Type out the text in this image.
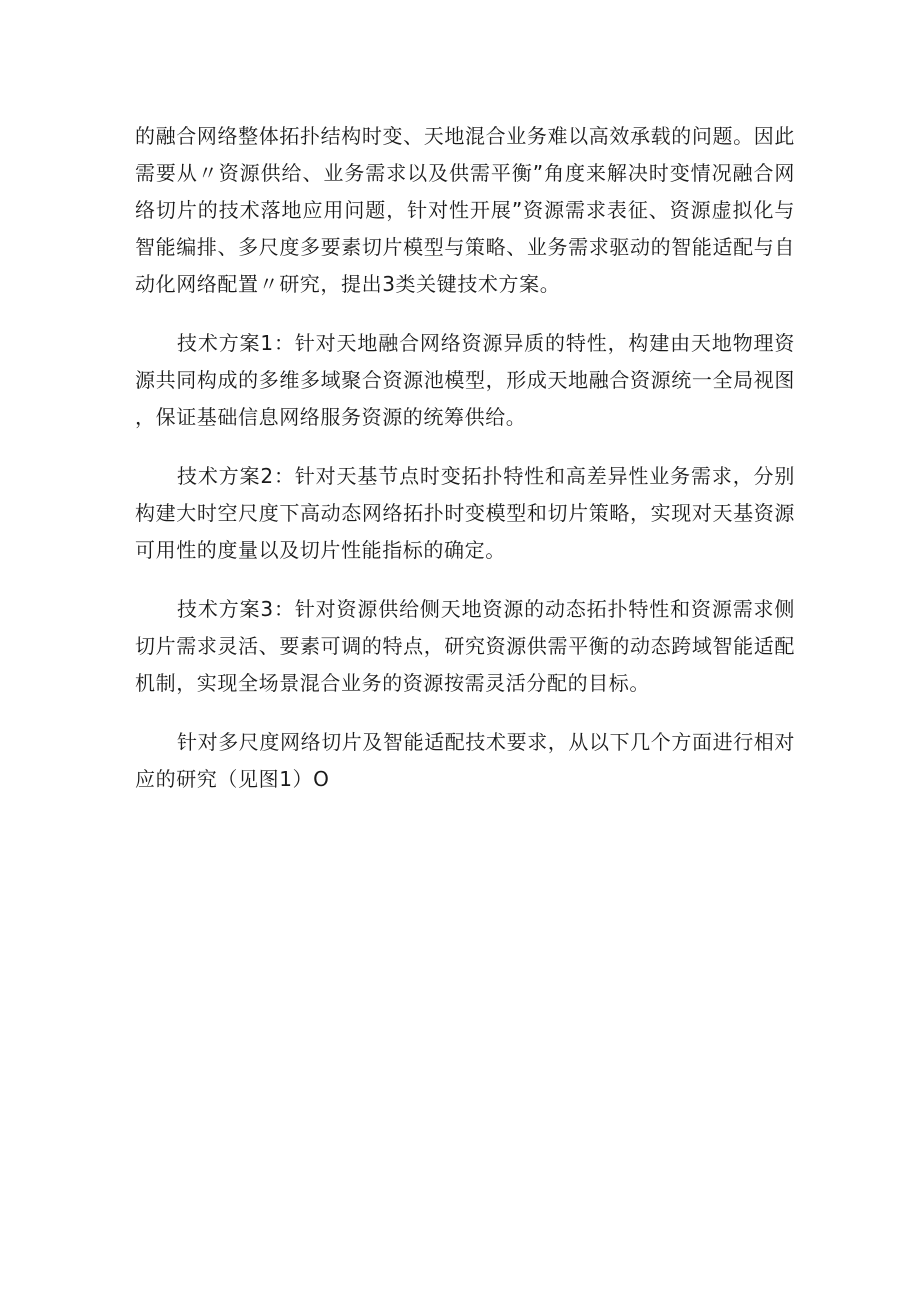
的融合网络整体拓扑结构时变、天地混合业务难以高效承载的问题。因此需要从〃资源供给、业务需求以及供需平衡”角度来解决时变情况融合网络切片的技术落地应用问题，针对性开展”资源需求表征、资源虚拟化与智能编排、多尺度多要素切片模型与策略、业务需求驱动的智能适配与自动化网络配置〃研究，提出3类关键技术方案。

技术方案1：针对天地融合网络资源异质的特性，构建由天地物理资源共同构成的多维多域聚合资源池模型，形成天地融合资源统一全局视图，保证基础信息网络服务资源的统筹供给。

技术方案2：针对天基节点时变拓扑特性和高差异性业务需求，分别构建大时空尺度下高动态网络拓扑时变模型和切片策略，实现对天基资源可用性的度量以及切片性能指标的确定。

技术方案3：针对资源供给侧天地资源的动态拓扑特性和资源需求侧切片需求灵活、要素可调的特点，研究资源供需平衡的动态跨域智能适配机制，实现全场景混合业务的资源按需灵活分配的目标。

针对多尺度网络切片及智能适配技术要求，从以下几个方面进行相对应的研究（见图1）O
